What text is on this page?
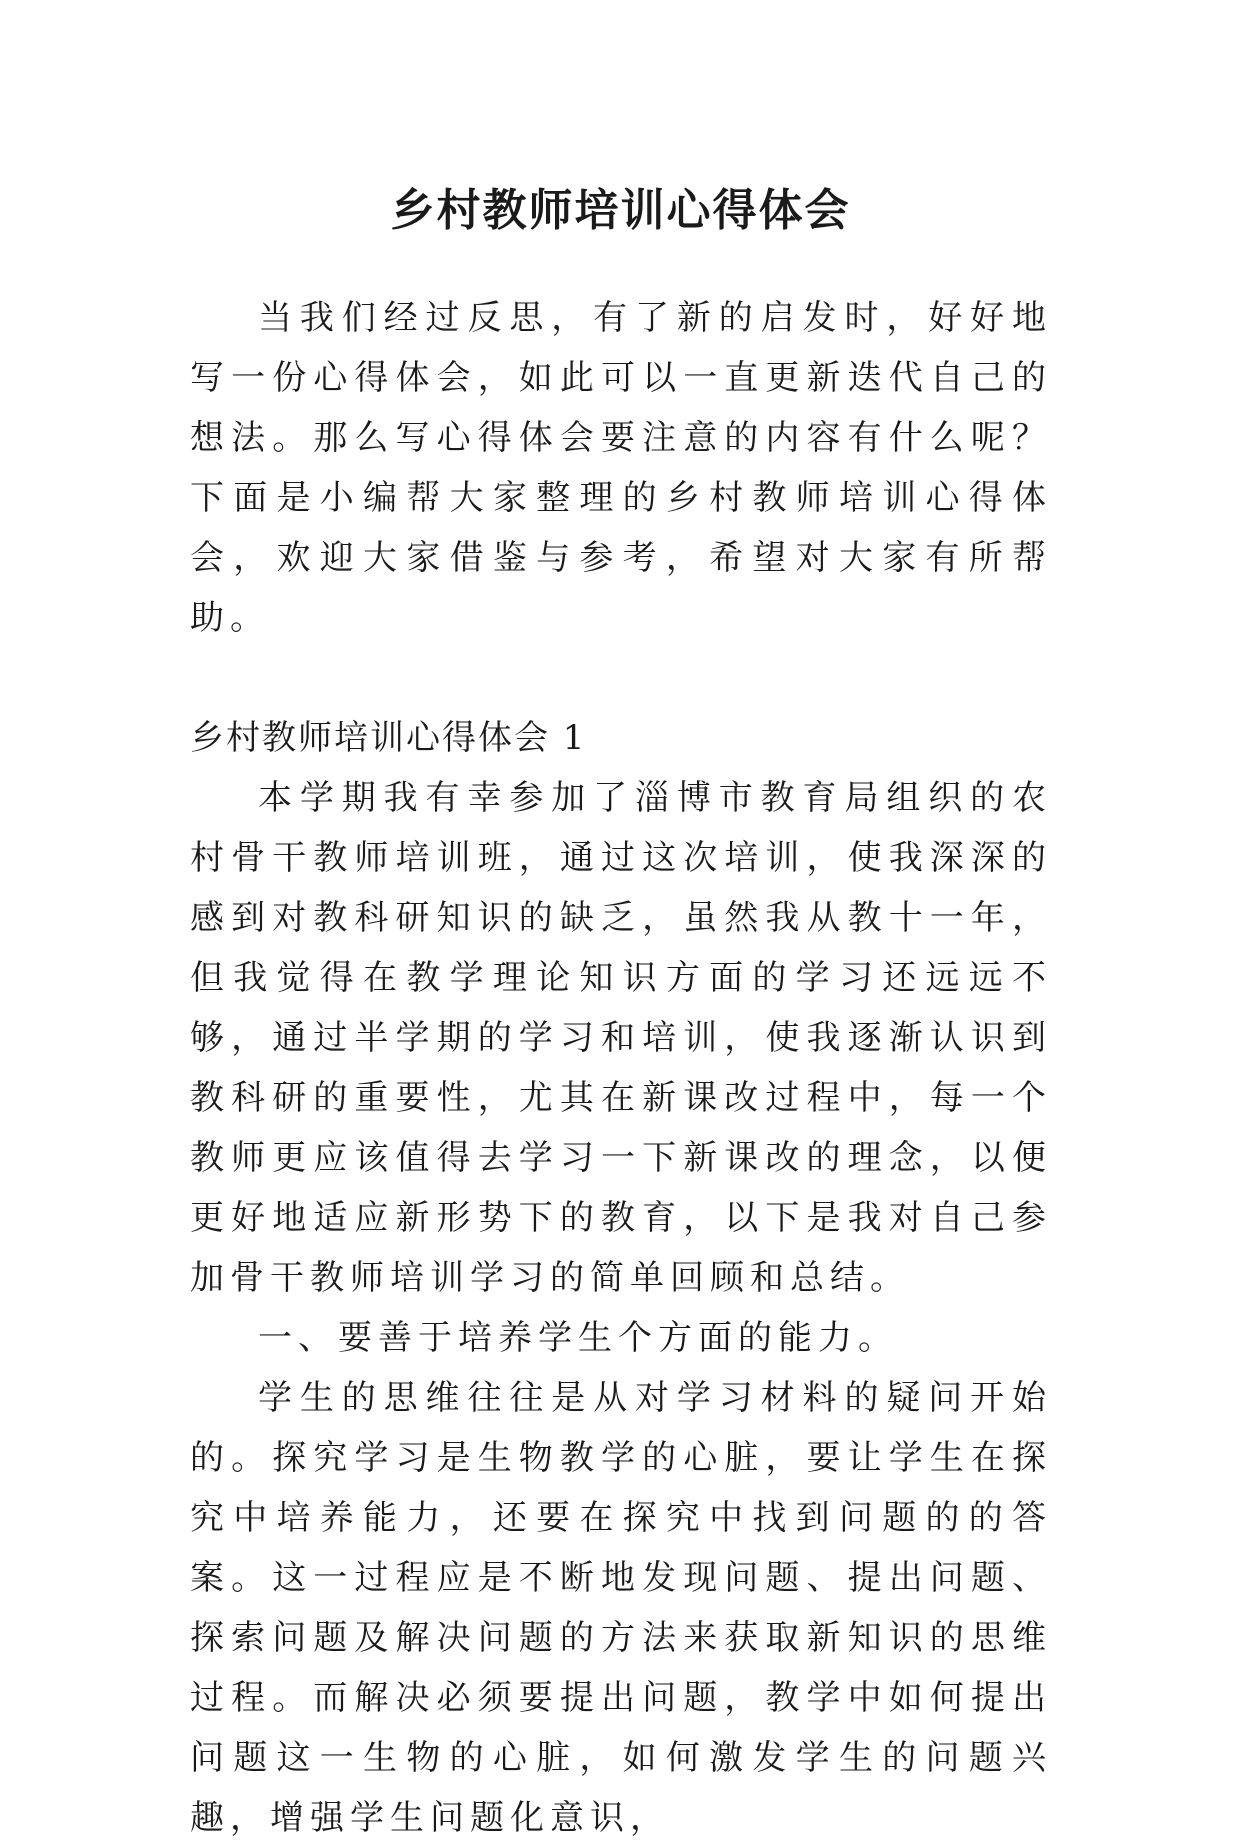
乡村教师培训心得体会

当我们经过反思，有了新的启发时，好好地写一份心得体会，如此可以一直更新迭代自己的想法。那么写心得体会要注意的内容有什么呢？下面是小编帮大家整理的乡村教师培训心得体会，欢迎大家借鉴与参考，希望对大家有所帮助。

乡村教师培训心得体会 1

本学期我有幸参加了淄博市教育局组织的农村骨干教师培训班，通过这次培训，使我深深的感到对教科研知识的缺乏，虽然我从教十一年，但我觉得在教学理论知识方面的学习还远远不够，通过半学期的学习和培训，使我逐渐认识到教科研的重要性，尤其在新课改过程中，每一个教师更应该值得去学习一下新课改的理念，以便更好地适应新形势下的教育，以下是我对自己参加骨干教师培训学习的简单回顾和总结。

一、要善于培养学生个方面的能力。

学生的思维往往是从对学习材料的疑问开始的。探究学习是生物教学的心脏，要让学生在探究中培养能力，还要在探究中找到问题的的答案。这一过程应是不断地发现问题、提出问题、探索问题及解决问题的方法来获取新知识的思维过程。而解决必须要提出问题，教学中如何提出问题这一生物的心脏，如何激发学生的问题兴趣，增强学生问题化意识，
